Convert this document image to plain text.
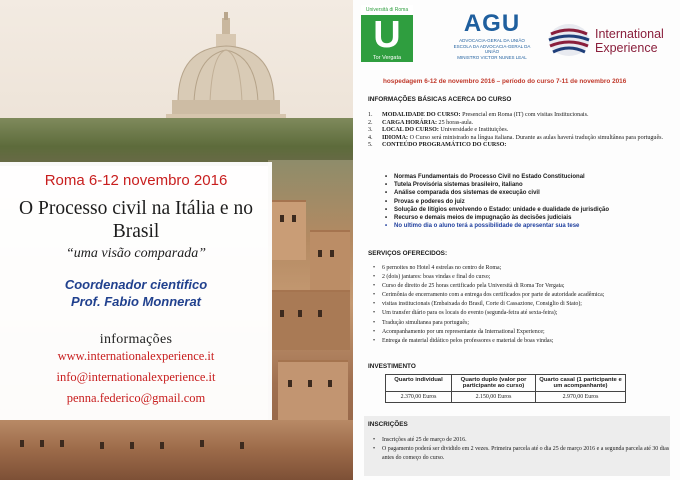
Roma 6-12 novembro 2016
O Processo civil na Itália e no Brasil
“uma visão comparada”
Coordenador cientifico
Prof. Fabio Monnerat
informações
www.internationalexperience.it
info@internationalexperience.it
penna.federico@gmail.com
Università di Roma
U
Tor Vergata
AGU
ADVOCACIA-GERAL DA UNIÃO
ESCOLA DA ADVOCACIA-GERAL DA UNIÃO
MINISTRO VICTOR NUNES LEAL
International
Experience
hospedagem 6-12 de novembro 2016 – período do curso 7-11 de novembro 2016
INFORMAÇÕES BÁSICAS ACERCA DO CURSO
1. MODALIDADE DO CURSO: Presencial em Roma (IT) com visitas Institucionais.
2. CARGA HORÁRIA: 25 horas-aula.
3. LOCAL DO CURSO: Universidade e Instituições.
4. IDIOMA: O Curso será ministrado na língua italiana. Durante as aulas haverá tradução simultânea para português.
5. CONTEÚDO PROGRAMÁTICO DO CURSO:
• Normas Fundamentais do Processo Civil no Estado Constitucional
• Tutela Provisória sistemas brasileiro, italiano
• Análise comparada dos sistemas de execução civil
• Provas e poderes do juiz
• Solução de litígios envolvendo o Estado: unidade e dualidade de jurisdição
• Recurso e demais meios de impugnação às decisões judiciais
• No ultimo dia o aluno terá a possibilidade de apresentar sua tese
SERVIÇOS OFERECIDOS:
• 6 pernoites no Hotel 4 estrelas no centro de Roma;
• 2 (dois) jantares: boas vindas e final do curso;
• Curso de direito de 25 horas certificado pela Università di Roma Tor Vergata;
• Cerimônia de encerramento com a entrega dos certificados por parte de autoridade acadêmica;
• visitas institucionais (Embaixada do Brasil, Corte di Cassazione, Consiglio di Stato);
• Um transfer diário para os locais do evento (segunda-feira até sexta-feira);
• Tradução simultanea para português;
• Acompanhamento por um representante da International Experience;
• Entrega de material didático pelos professores e material de boas vindas;
INVESTIMENTO
Quarto individual	Quarto duplo (valor por participante ao curso)	Quarto casal (1 participante e um acompanhante)
2.370,00 Euros	2.150,00 Euros	2.970,00 Euros
INSCRIÇÕES
• Inscrições até 25 de março de 2016.
• O pagamento poderá ser dividido em 2 vezes. Primeira parcela até o dia 25 de março 2016 e a segunda parcela até 30 dias antes do começo do curso.
